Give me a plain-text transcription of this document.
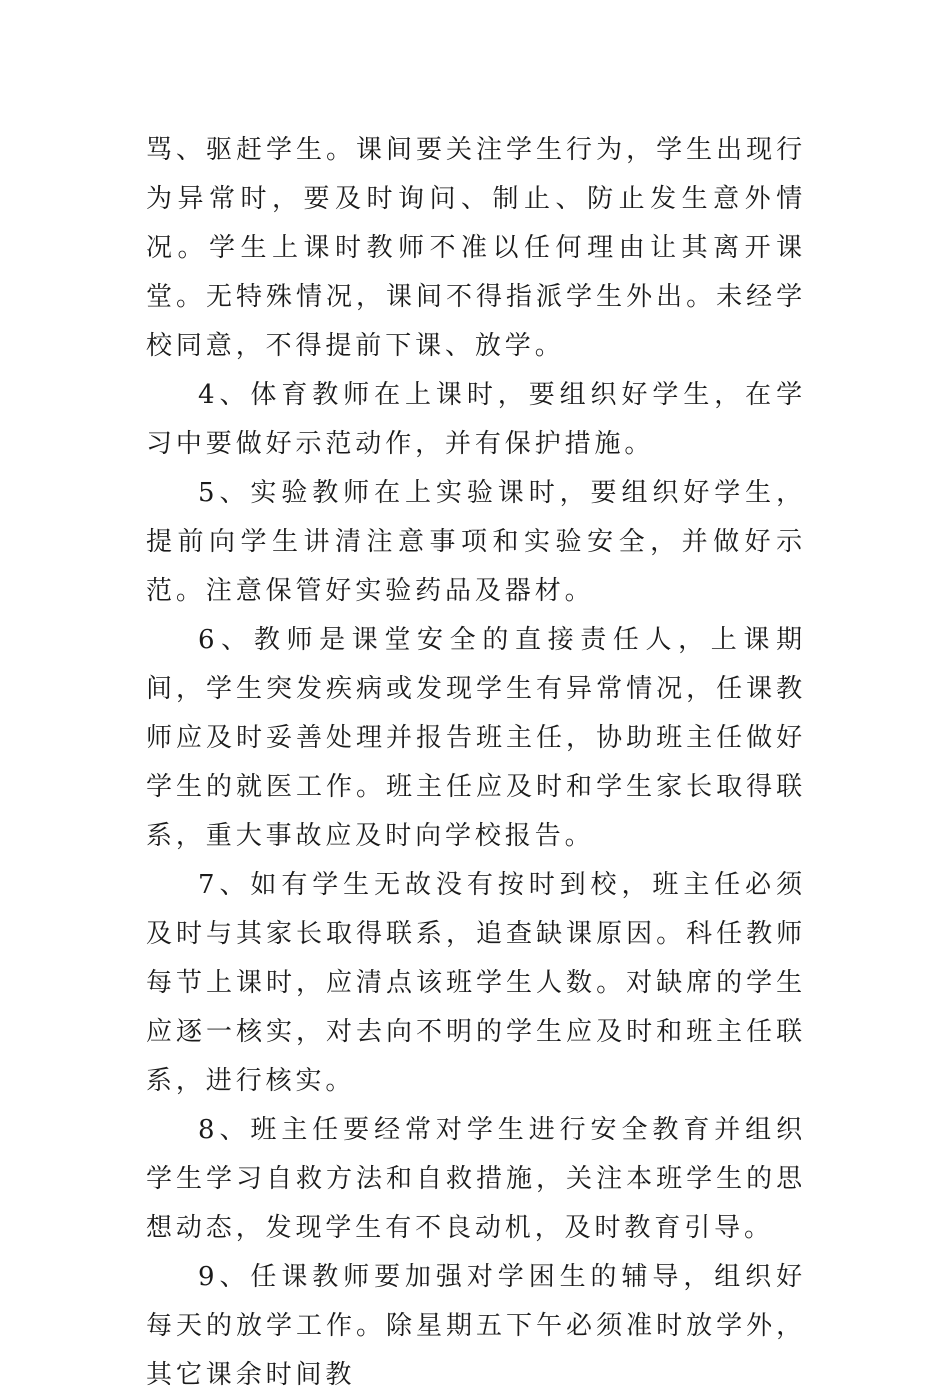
骂、驱赶学生。课间要关注学生行为，学生出现行为异常时，要及时询问、制止、防止发生意外情况。学生上课时教师不准以任何理由让其离开课堂。无特殊情况，课间不得指派学生外出。未经学校同意，不得提前下课、放学。

4、体育教师在上课时，要组织好学生，在学习中要做好示范动作，并有保护措施。

5、实验教师在上实验课时，要组织好学生，提前向学生讲清注意事项和实验安全，并做好示范。注意保管好实验药品及器材。

6、教师是课堂安全的直接责任人，上课期间，学生突发疾病或发现学生有异常情况，任课教师应及时妥善处理并报告班主任，协助班主任做好学生的就医工作。班主任应及时和学生家长取得联系，重大事故应及时向学校报告。

7、如有学生无故没有按时到校，班主任必须及时与其家长取得联系，追查缺课原因。科任教师每节上课时，应清点该班学生人数。对缺席的学生应逐一核实，对去向不明的学生应及时和班主任联系，进行核实。

8、班主任要经常对学生进行安全教育并组织学生学习自救方法和自救措施，关注本班学生的思想动态，发现学生有不良动机，及时教育引导。

9、任课教师要加强对学困生的辅导，组织好每天的放学工作。除星期五下午必须准时放学外，其它课余时间教
